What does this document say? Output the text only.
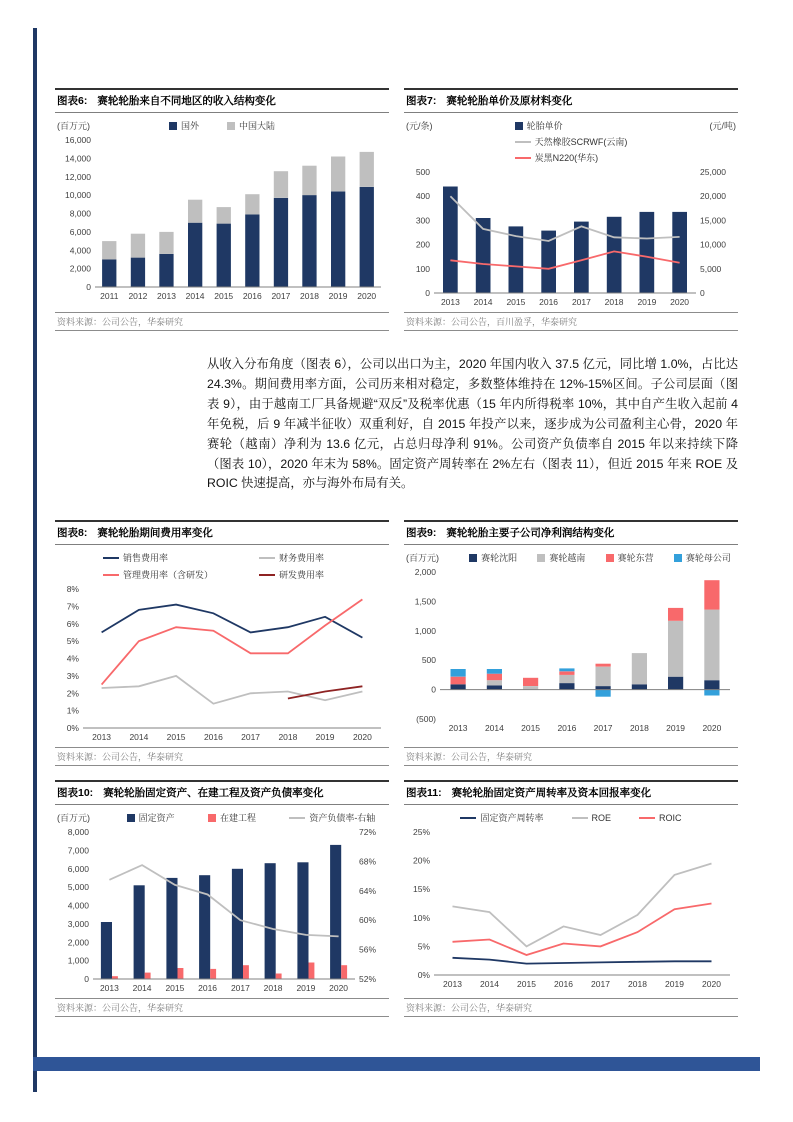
图表6: 赛轮轮胎来自不同地区的收入结构变化
(百万元)	国外	中国大陆
0
2,000
4,000
6,000
8,000
10,000
12,000
14,000
16,000
2011 2012 2013 2014 2015 2016 2017 2018 2019 2020
资料来源：公司公告，华泰研究
图表7: 赛轮轮胎单价及原材料变化
(元/条)	(元/吨)
轮胎单价
天然橡胶SCRWF(云南)
炭黑N220(华东)
0
100
200
300
400
500
0
5,000
10,000
15,000
20,000
25,000
2013 2014 2015 2016 2017 2018 2019 2020
资料来源：公司公告，百川盈孚，华泰研究

从收入分布角度（图表 6），公司以出口为主，2020 年国内收入 37.5 亿元，同比增 1.0%，占比达 24.3%。期间费用率方面，公司历来相对稳定，多数整体维持在 12%-15%区间。子公司层面（图表 9），由于越南工厂具备规避“双反”及税率优惠（15 年内所得税率 10%，其中自产生收入起前 4 年免税，后 9 年减半征收）双重利好，自 2015 年投产以来，逐步成为公司盈利主心骨，2020 年赛轮（越南）净利为 13.6 亿元，占总归母净利 91%。公司资产负债率自 2015 年以来持续下降（图表 10），2020 年末为 58%。固定资产周转率在 2%左右（图表 11），但近 2015 年来 ROE 及 ROIC 快速提高，亦与海外布局有关。

图表8: 赛轮轮胎期间费用率变化
销售费用率	财务费用率
管理费用率（含研发）	研发费用率
0%
1%
2%
3%
4%
5%
6%
7%
8%
2013 2014 2015 2016 2017 2018 2019 2020
资料来源：公司公告，华泰研究
图表9: 赛轮轮胎主要子公司净利润结构变化
(百万元)	赛轮沈阳	赛轮越南	赛轮东营	赛轮母公司
(500)
0
500
1,000
1,500
2,000
2013 2014 2015 2016 2017 2018 2019 2020
资料来源：公司公告，华泰研究
图表10: 赛轮轮胎固定资产、在建工程及资产负债率变化
(百万元)	固定资产	在建工程	资产负债率-右轴
0
1,000
2,000
3,000
4,000
5,000
6,000
7,000
8,000
52%
56%
60%
64%
68%
72%
2013 2014 2015 2016 2017 2018 2019 2020
资料来源：公司公告，华泰研究
图表11: 赛轮轮胎固定资产周转率及资本回报率变化
固定资产周转率	ROE	ROIC
0%
5%
10%
15%
20%
25%
2013 2014 2015 2016 2017 2018 2019 2020
资料来源：公司公告，华泰研究
